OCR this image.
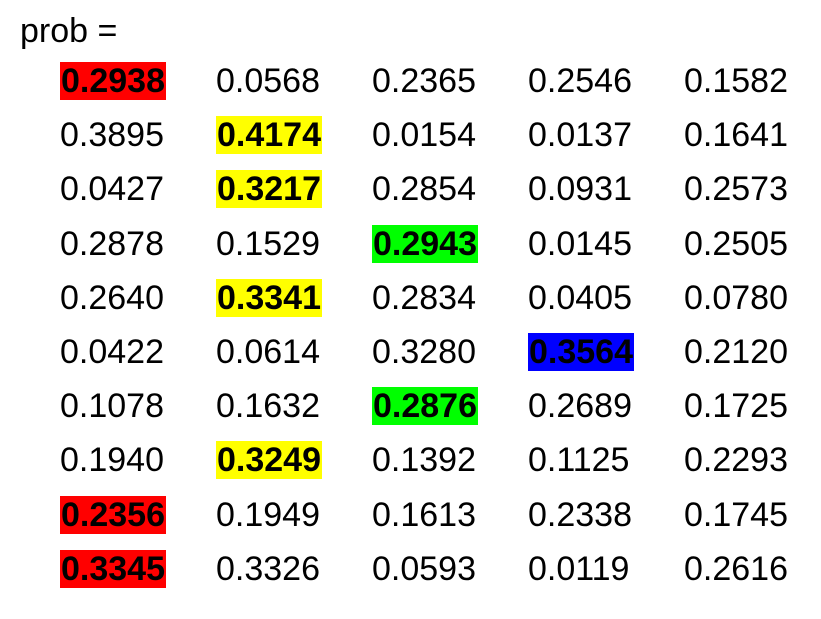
prob =
0.2938 0.0568 0.2365 0.2546 0.1582
0.3895 0.4174 0.0154 0.0137 0.1641
0.0427 0.3217 0.2854 0.0931 0.2573
0.2878 0.1529 0.2943 0.0145 0.2505
0.2640 0.3341 0.2834 0.0405 0.0780
0.0422 0.0614 0.3280 0.3564 0.2120
0.1078 0.1632 0.2876 0.2689 0.1725
0.1940 0.3249 0.1392 0.1125 0.2293
0.2356 0.1949 0.1613 0.2338 0.1745
0.3345 0.3326 0.0593 0.0119 0.2616
